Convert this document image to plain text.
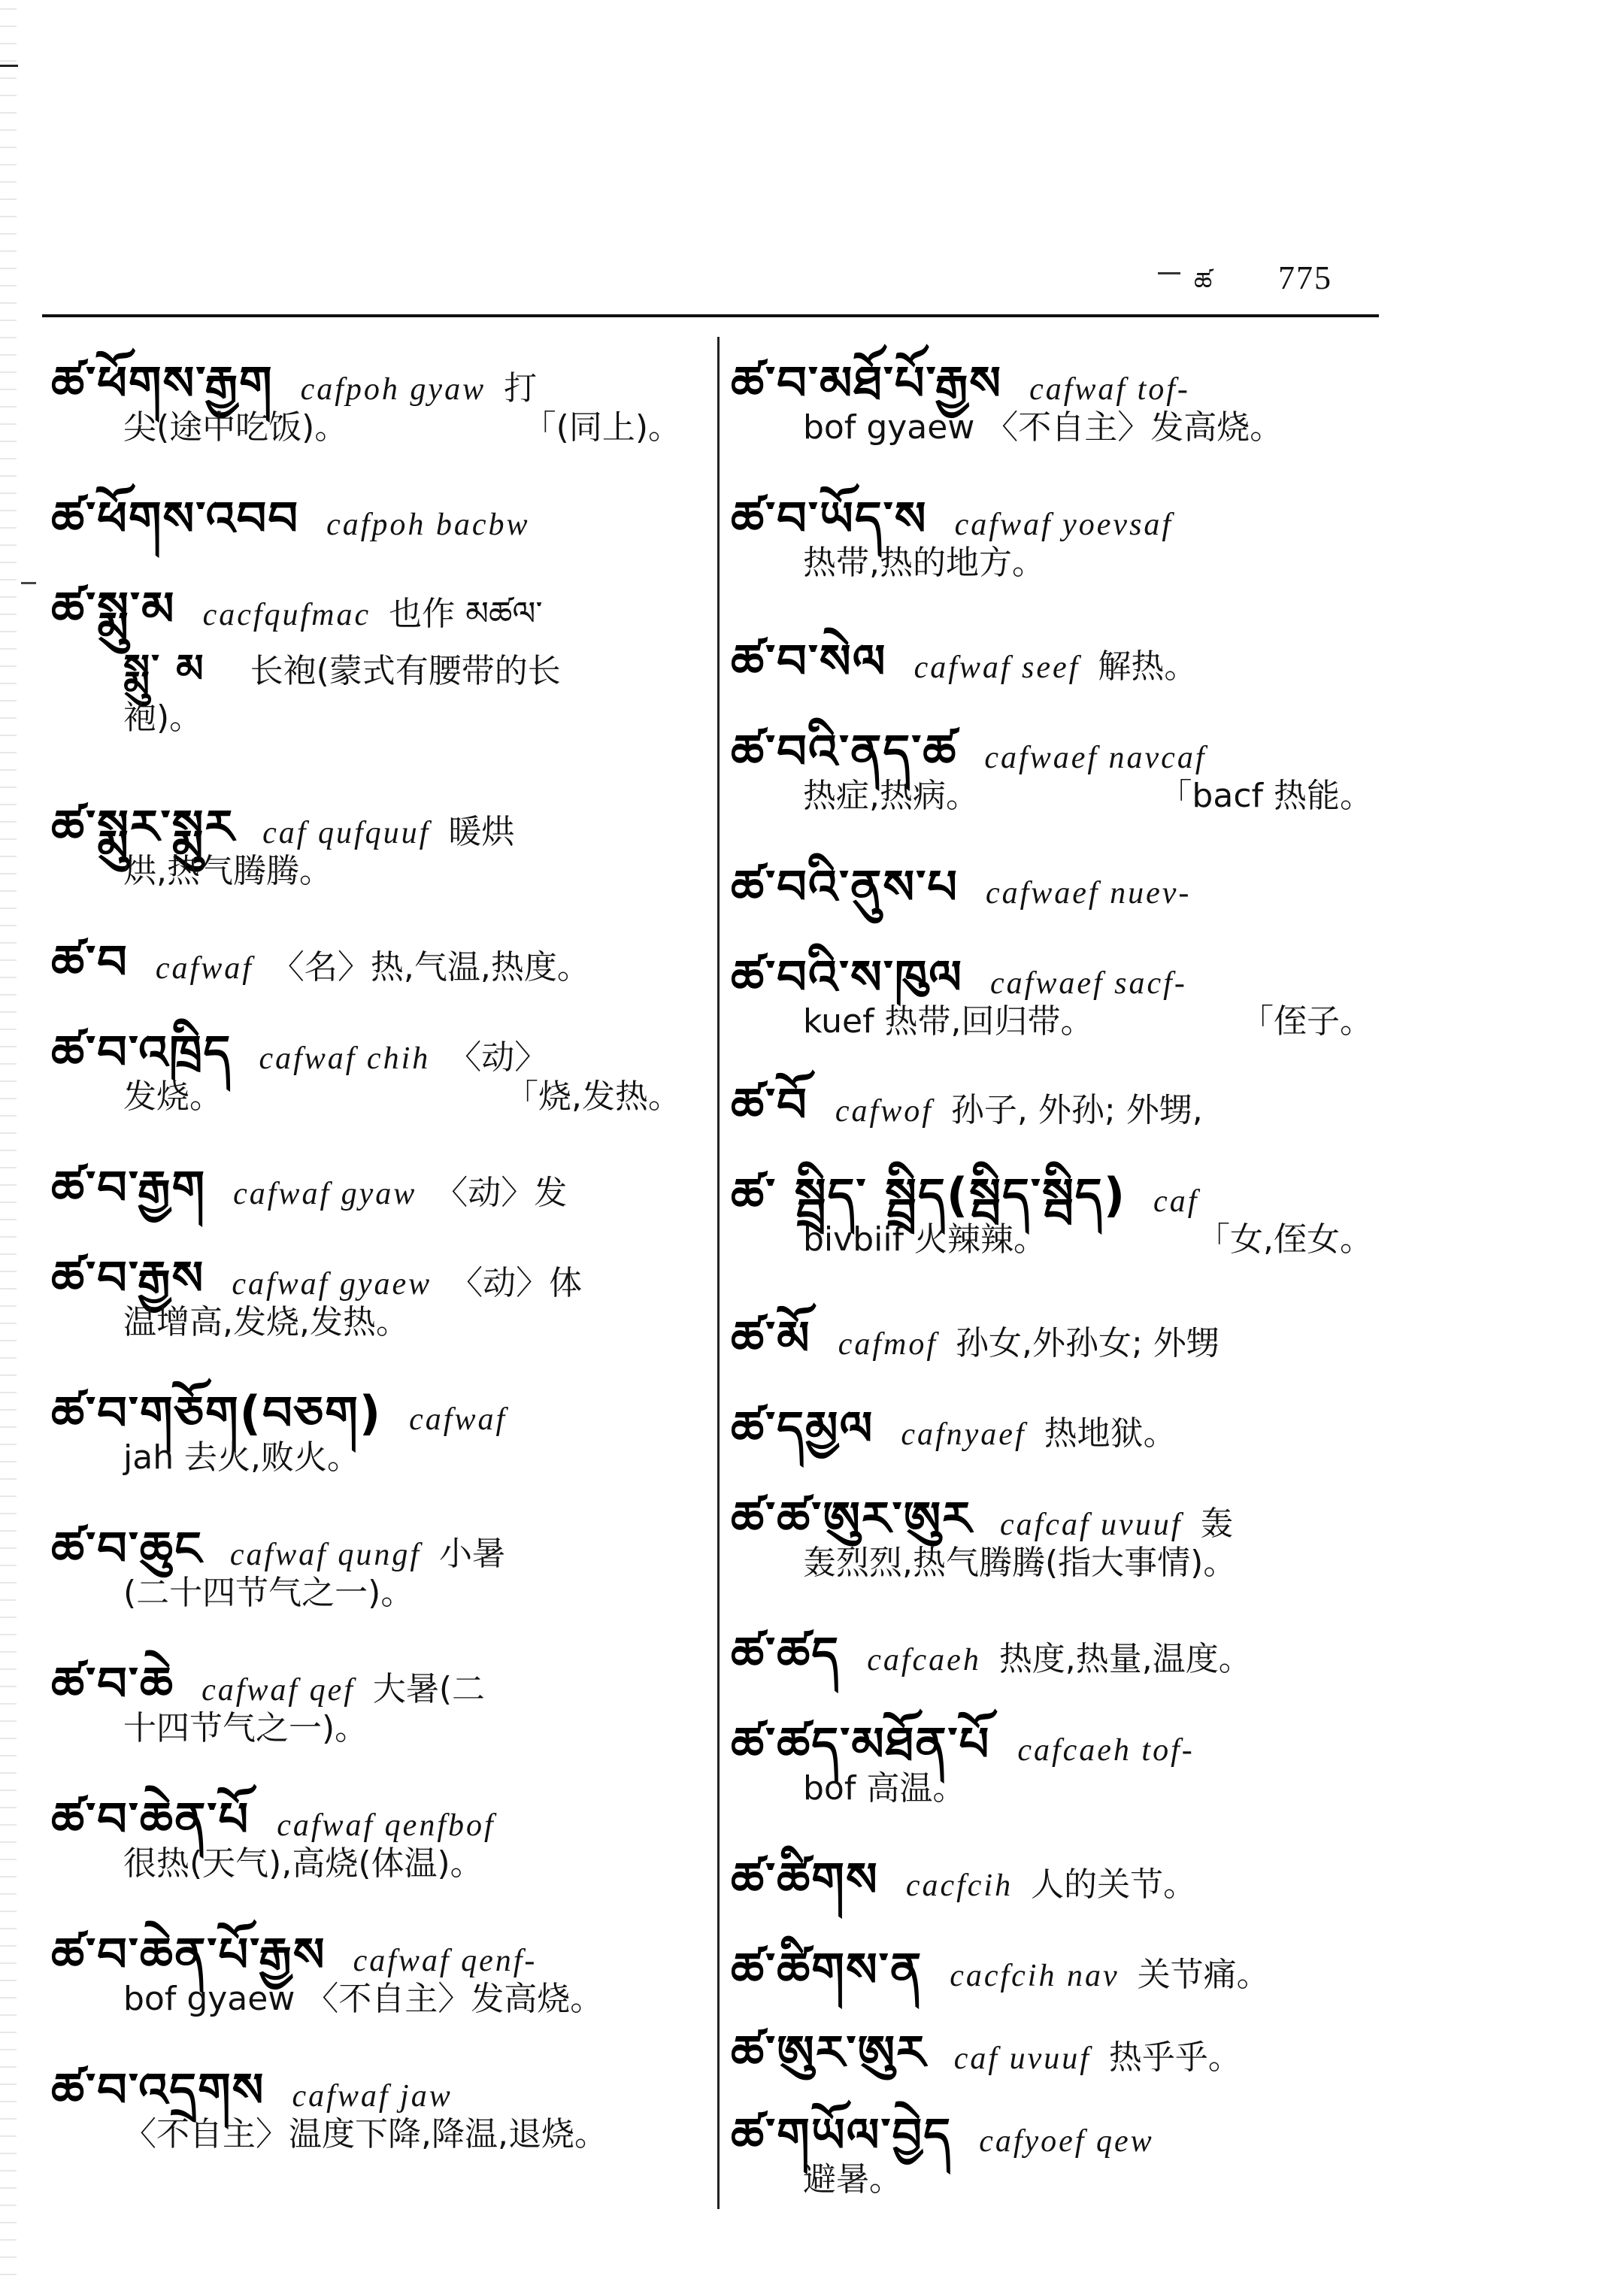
ཚ 775
ཚ་ཕོགས་རྒྱག cafpoh gyaw 打
尖(途中吃饭)。	「(同上)。
ཚ་ཕོགས་འབབ cafpoh bacbw
ཚ་སྨུ་མ cacfqufmac 也作 མཚལ་
སྨུ་ མ 长袍(蒙式有腰带的长
袍)。
ཚ་སྨུར་སྨུར caf qufquuf 暖烘
烘,热气腾腾。
ཚ་བ cafwaf 〈名〉热,气温,热度。
ཚ་བ་འཁྲིད cafwaf chih 〈动〉
发烧。	「烧,发热。
ཚ་བ་རྒྱག cafwaf gyaw 〈动〉发
ཚ་བ་རྒྱས cafwaf gyaew 〈动〉体
温增高,发烧,发热。
ཚ་བ་གཅོག(བཅག) cafwaf
jah 去火,败火。
ཚ་བ་ཆུང cafwaf qungf 小暑
(二十四节气之一)。
ཚ་བ་ཆེ cafwaf qef 大暑(二
十四节气之一)。
ཚ་བ་ཆེན་པོ cafwaf qenfbof
很热(天气),高烧(体温)。
ཚ་བ་ཆེན་པོ་རྒྱས cafwaf qenf-
bof gyaew 〈不自主〉发高烧。
ཚ་བ་འདྲགས cafwaf jaw
〈不自主〉温度下降,降温,退烧。
ཚ་བ་མཐོ་པོ་རྒྱས cafwaf tof-
bof gyaew 〈不自主〉发高烧。
ཚ་བ་ཡོད་ས cafwaf yoevsaf
热带,热的地方。
ཚ་བ་སེལ cafwaf seef 解热。
ཚ་བའི་ནད་ཚ cafwaef navcaf
热症,热病。	「bacf 热能。
ཚ་བའི་ནུས་པ cafwaef nuev-
ཚ་བའི་ས་ཁུལ cafwaef sacf-
kuef 热带,回归带。	「侄子。
ཚ་བོ cafwof 孙子, 外孙; 外甥,
ཚ་ སྦྲིད་ སྦྲིད(སྦིད་སྦིད) caf
bivbiif 火辣辣。	「女,侄女。
ཚ་མོ cafmof 孙女,外孙女; 外甥
ཚ་དམྱལ cafnyaef 热地狱。
ཚ་ཚ་ཨུར་ཨུར cafcaf uvuuf 轰
轰烈烈,热气腾腾(指大事情)。
ཚ་ཚད cafcaeh 热度,热量,温度。
ཚ་ཚད་མཐོན་པོ cafcaeh tof-
bof 高温。
ཚ་ཚིགས cacfcih 人的关节。
ཚ་ཚིགས་ན cacfcih nav 关节痛。
ཚ་ཨུར་ཨུར caf uvuuf 热乎乎。
ཚ་གཡོལ་བྱེད cafyoef qew
避暑。
